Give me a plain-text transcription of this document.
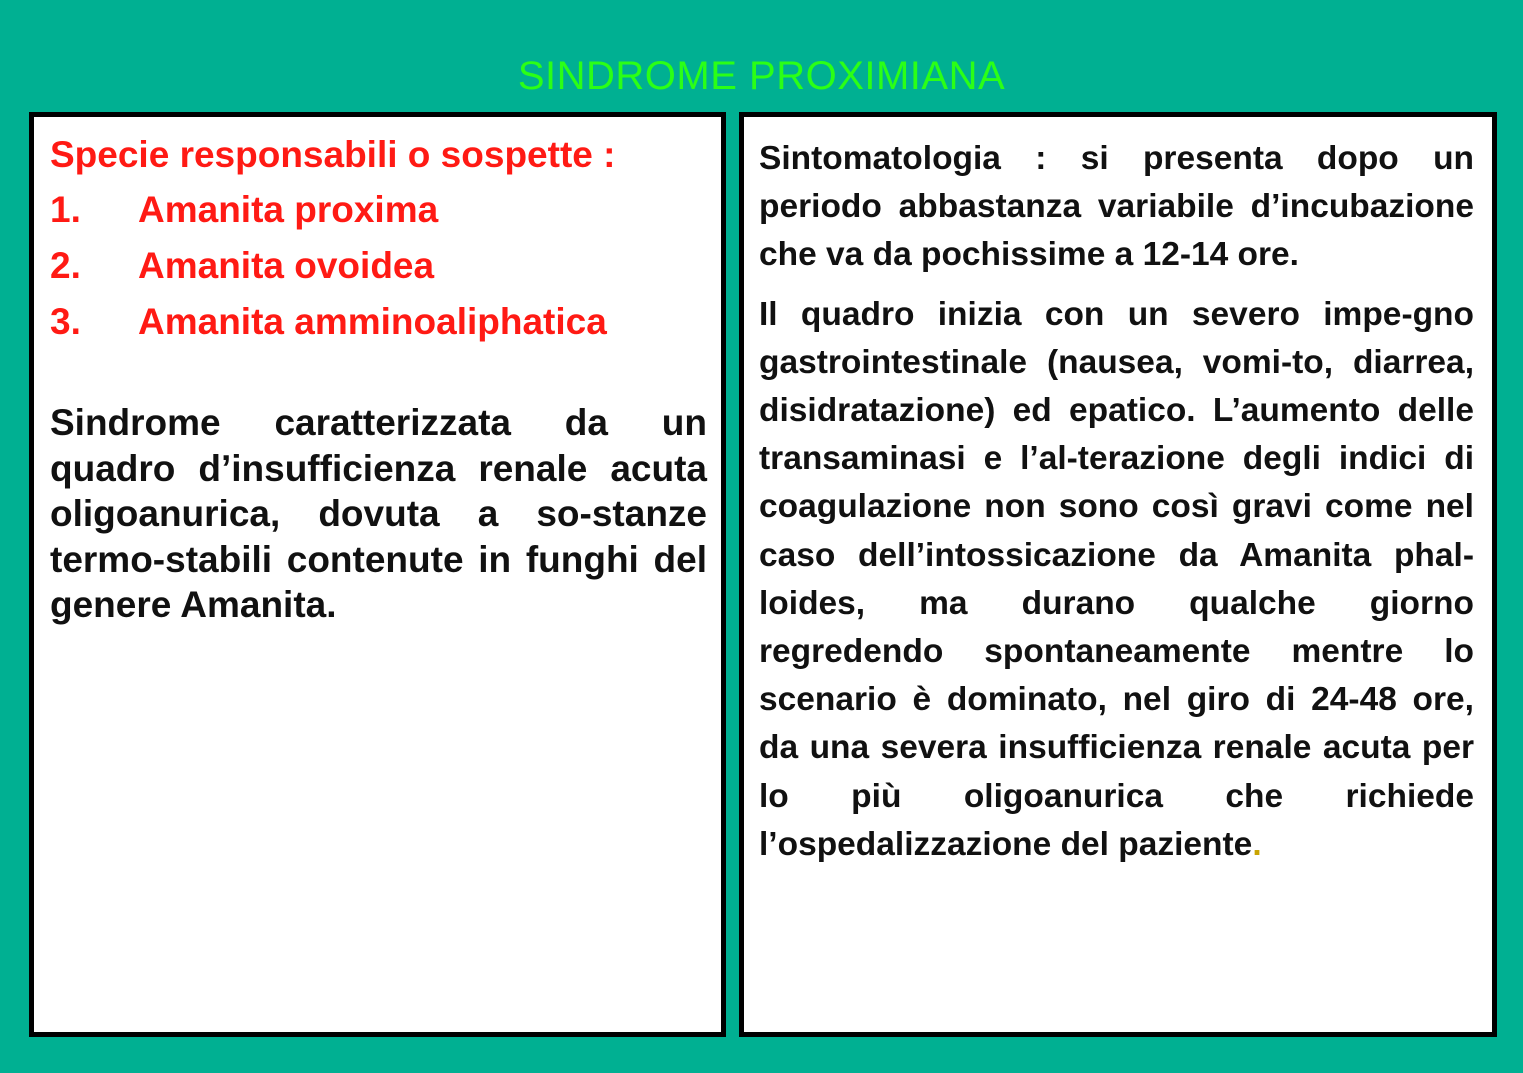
SINDROME PROXIMIANA
Specie responsabili o sospette :
1.	Amanita proxima
2.	Amanita ovoidea
3.	Amanita amminoaliphatica

Sindrome caratterizzata da un quadro d’insufficienza renale acuta oligoanurica, dovuta a so-stanze termo-stabili contenute in funghi del genere Amanita.

Sintomatologia : si presenta dopo un periodo abbastanza variabile d’incubazione che va da pochissime a 12-14 ore.

Il quadro inizia con un severo impe-gno gastrointestinale (nausea, vomi-to, diarrea, disidratazione) ed epatico. L’aumento delle transaminasi e l’al-terazione degli indici di coagulazione non sono così gravi come nel caso dell’intossicazione da Amanita phal-loides, ma durano qualche giorno regredendo spontaneamente mentre lo scenario è dominato, nel giro di 24-48 ore, da una severa insufficienza renale acuta per lo più oligoanurica che richiede l’ospedalizzazione del paziente.
